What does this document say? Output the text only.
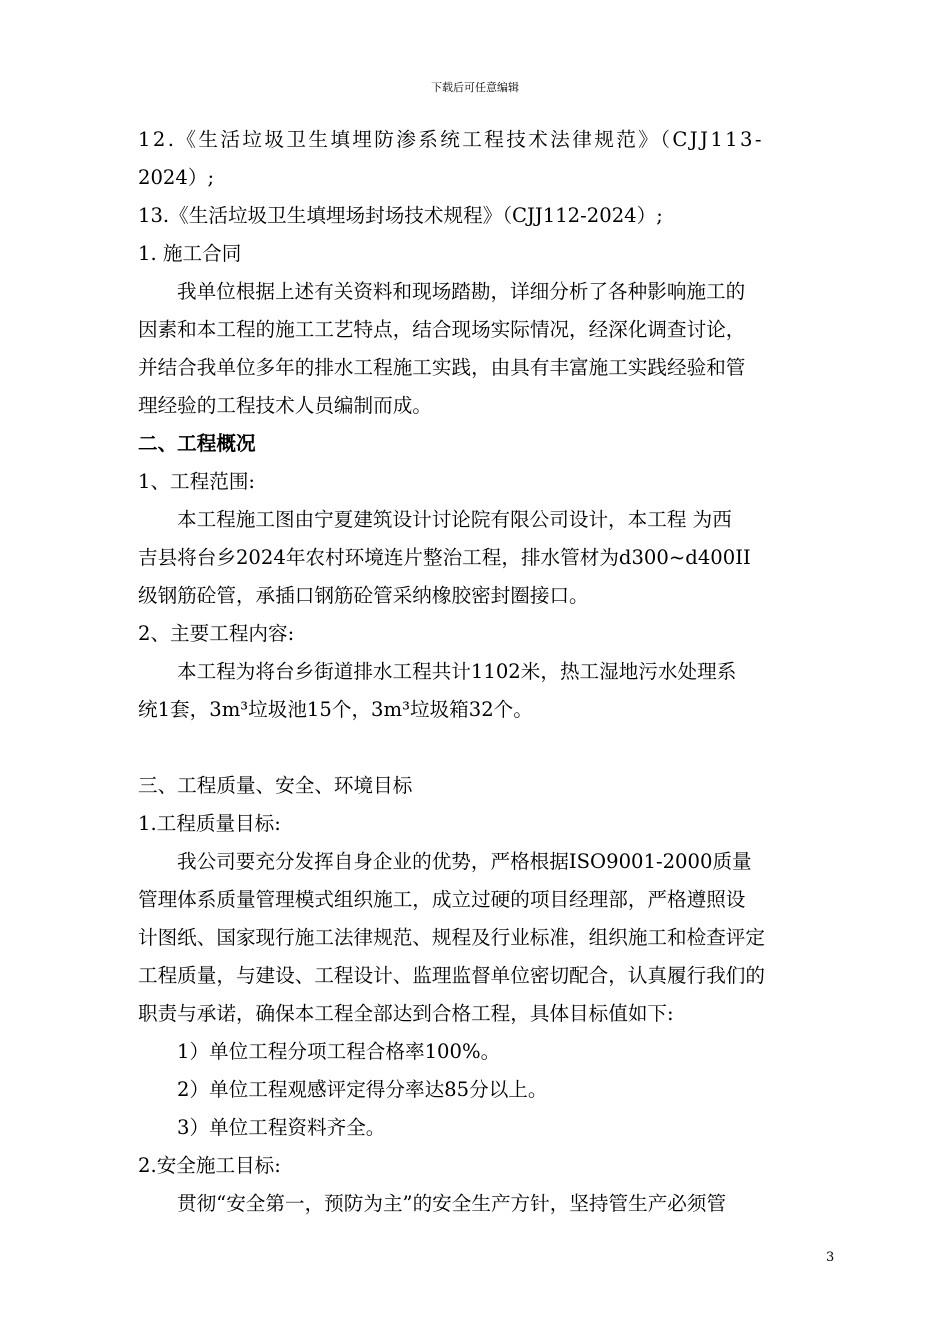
下载后可任意编辑
12.《生活垃圾卫生填埋防渗系统工程技术法律规范》（CJJ113-
2024）;
13.《生活垃圾卫生填埋场封场技术规程》（CJJ112-2024）;
1. 施工合同
我单位根据上述有关资料和现场踏勘，详细分析了各种影响施工的
因素和本工程的施工工艺特点，结合现场实际情况，经深化调查讨论，
并结合我单位多年的排水工程施工实践，由具有丰富施工实践经验和管
理经验的工程技术人员编制而成。
二、工程概况
1、工程范围:
本工程施工图由宁夏建筑设计讨论院有限公司设计，本工程 为西
吉县将台乡2024年农村环境连片整治工程，排水管材为d300~d400II
级钢筋砼管，承插口钢筋砼管采纳橡胶密封圈接口。
2、主要工程内容:
本工程为将台乡街道排水工程共计1102米，热工湿地污水处理系
统1套，3m³垃圾池15个，3m³垃圾箱32个。
三、工程质量、安全、环境目标
1.工程质量目标:
我公司要充分发挥自身企业的优势，严格根据ISO9001-2000质量
管理体系质量管理模式组织施工，成立过硬的项目经理部，严格遵照设
计图纸、国家现行施工法律规范、规程及行业标准，组织施工和检查评定
工程质量，与建设、工程设计、监理监督单位密切配合，认真履行我们的
职责与承诺，确保本工程全部达到合格工程，具体目标值如下:
1）单位工程分项工程合格率100%。
2）单位工程观感评定得分率达85分以上。
3）单位工程资料齐全。
2.安全施工目标:
贯彻“安全第一，预防为主”的安全生产方针，坚持管生产必须管
3
